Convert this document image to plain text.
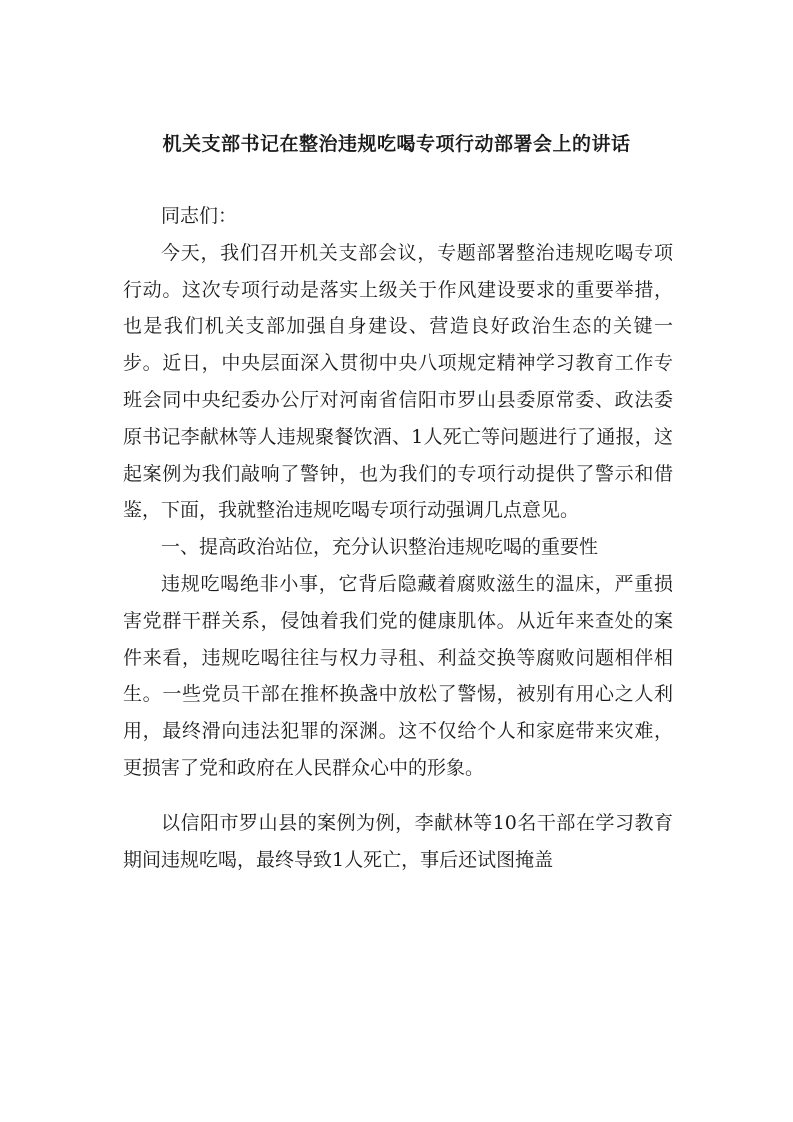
机关支部书记在整治违规吃喝专项行动部署会上的讲话

同志们：

今天，我们召开机关支部会议，专题部署整治违规吃喝专项行动。这次专项行动是落实上级关于作风建设要求的重要举措，也是我们机关支部加强自身建设、营造良好政治生态的关键一步。近日，中央层面深入贯彻中央八项规定精神学习教育工作专班会同中央纪委办公厅对河南省信阳市罗山县委原常委、政法委原书记李献林等人违规聚餐饮酒、1人死亡等问题进行了通报，这起案例为我们敲响了警钟，也为我们的专项行动提供了警示和借鉴，下面，我就整治违规吃喝专项行动强调几点意见。

一、提高政治站位，充分认识整治违规吃喝的重要性

违规吃喝绝非小事，它背后隐藏着腐败滋生的温床，严重损害党群干群关系，侵蚀着我们党的健康肌体。从近年来查处的案件来看，违规吃喝往往与权力寻租、利益交换等腐败问题相伴相生。一些党员干部在推杯换盏中放松了警惕，被别有用心之人利用，最终滑向违法犯罪的深渊。这不仅给个人和家庭带来灾难，更损害了党和政府在人民群众心中的形象。

以信阳市罗山县的案例为例，李献林等10名干部在学习教育期间违规吃喝，最终导致1人死亡，事后还试图掩盖
